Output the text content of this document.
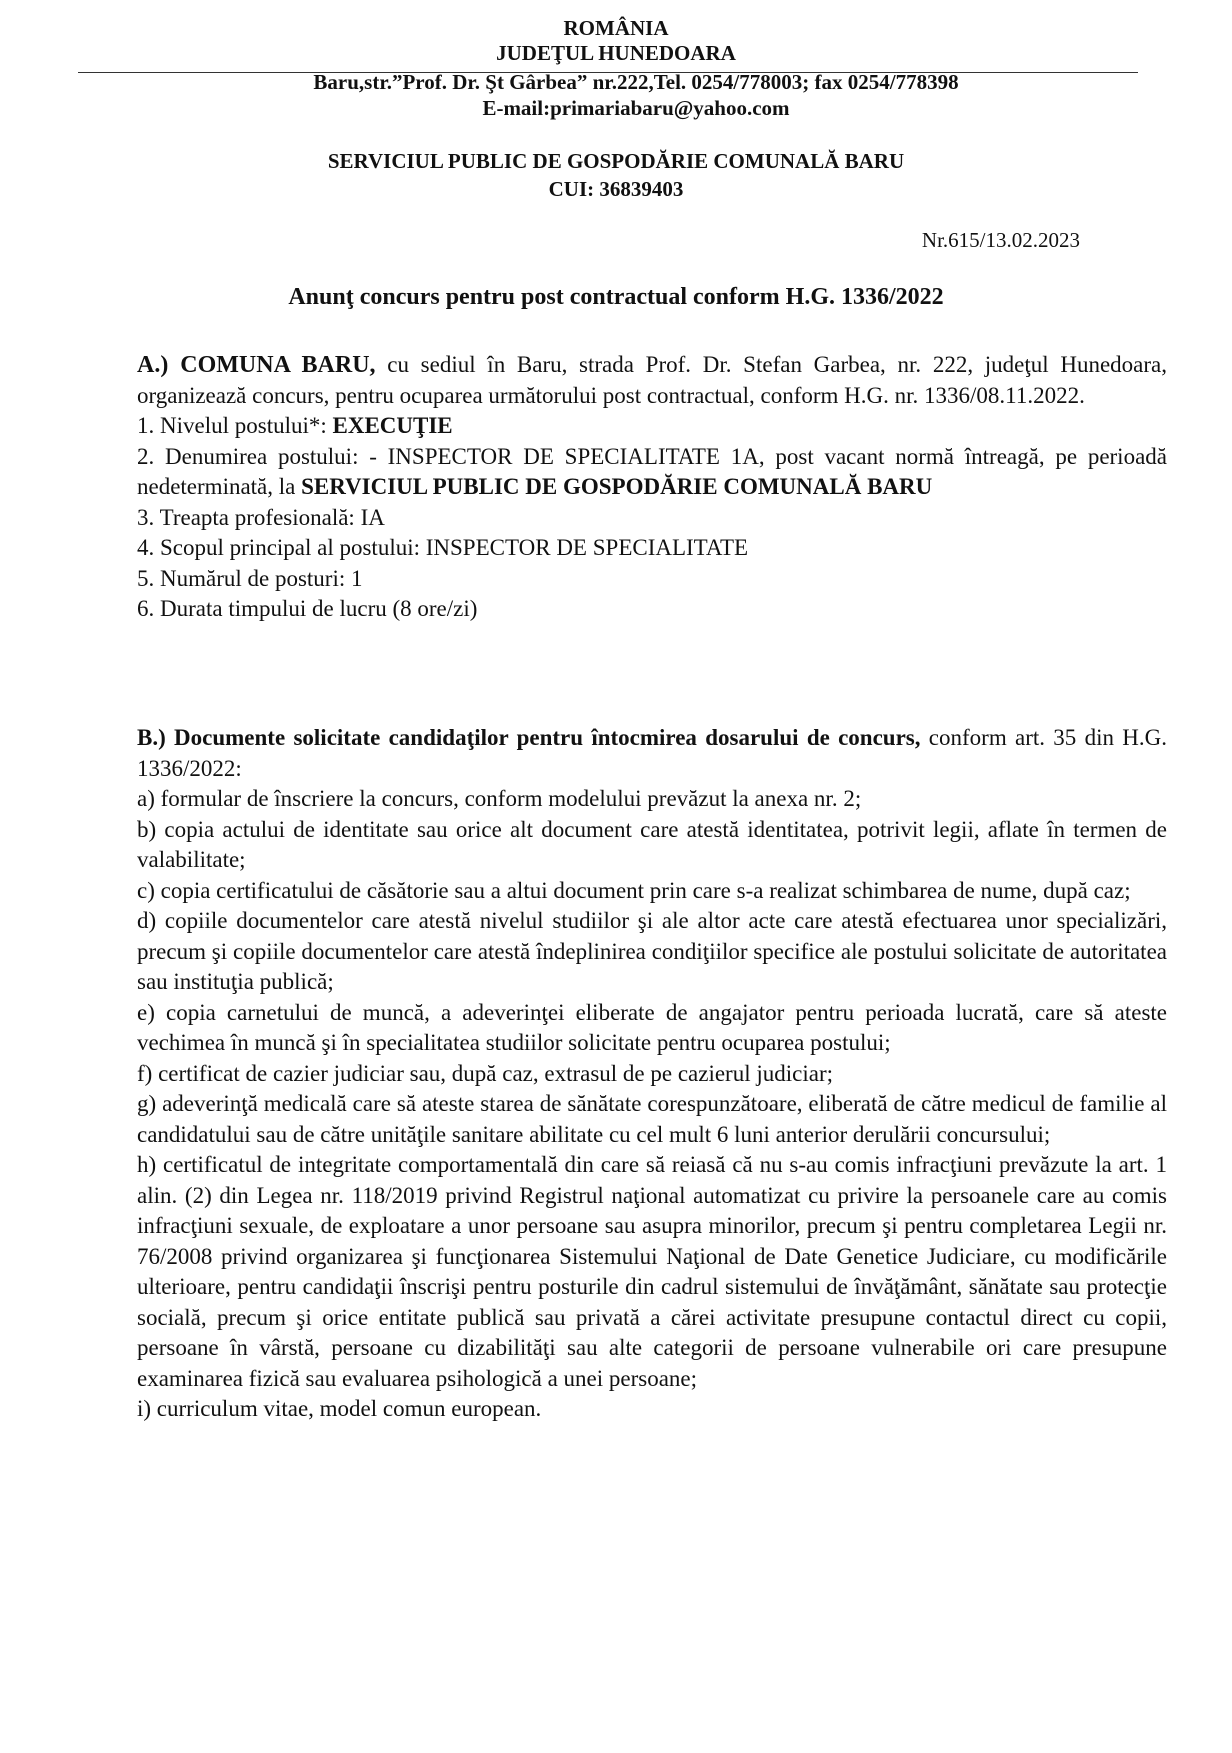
ROMÂNIA
JUDEŢUL HUNEDOARA
Baru,str.”Prof. Dr. Şt Gârbea” nr.222,Tel. 0254/778003; fax 0254/778398
E-mail:primariabaru@yahoo.com
SERVICIUL PUBLIC DE GOSPODĂRIE COMUNALĂ BARU
CUI: 36839403
Nr.615/13.02.2023
Anunţ concurs pentru post contractual conform H.G. 1336/2022

A.) COMUNA BARU, cu sediul în Baru, strada Prof. Dr. Stefan Garbea, nr. 222, judeţul Hunedoara, organizează concurs, pentru ocuparea următorului post contractual, conform H.G. nr. 1336/08.11.2022.

1. Nivelul postului*: EXECUŢIE

2. Denumirea postului: - INSPECTOR DE SPECIALITATE 1A, post vacant normă întreagă, pe perioadă nedeterminată, la SERVICIUL PUBLIC DE GOSPODĂRIE COMUNALĂ BARU

3. Treapta profesională: IA

4. Scopul principal al postului: INSPECTOR DE SPECIALITATE

5. Numărul de posturi: 1

6. Durata timpului de lucru (8 ore/zi)

B.) Documente solicitate candidaţilor pentru întocmirea dosarului de concurs, conform art. 35 din H.G. 1336/2022:

a) formular de înscriere la concurs, conform modelului prevăzut la anexa nr. 2;

b) copia actului de identitate sau orice alt document care atestă identitatea, potrivit legii, aflate în termen de valabilitate;

c) copia certificatului de căsătorie sau a altui document prin care s-a realizat schimbarea de nume, după caz;

d) copiile documentelor care atestă nivelul studiilor şi ale altor acte care atestă efectuarea unor specializări, precum şi copiile documentelor care atestă îndeplinirea condiţiilor specifice ale postului solicitate de autoritatea sau instituţia publică;

e) copia carnetului de muncă, a adeverinţei eliberate de angajator pentru perioada lucrată, care să ateste vechimea în muncă şi în specialitatea studiilor solicitate pentru ocuparea postului;

f) certificat de cazier judiciar sau, după caz, extrasul de pe cazierul judiciar;

g) adeverinţă medicală care să ateste starea de sănătate corespunzătoare, eliberată de către medicul de familie al candidatului sau de către unităţile sanitare abilitate cu cel mult 6 luni anterior derulării concursului;

h) certificatul de integritate comportamentală din care să reiasă că nu s-au comis infracţiuni prevăzute la art. 1 alin. (2) din Legea nr. 118/2019 privind Registrul naţional automatizat cu privire la persoanele care au comis infracţiuni sexuale, de exploatare a unor persoane sau asupra minorilor, precum şi pentru completarea Legii nr. 76/2008 privind organizarea şi funcţionarea Sistemului Naţional de Date Genetice Judiciare, cu modificările ulterioare, pentru candidaţii înscrişi pentru posturile din cadrul sistemului de învăţământ, sănătate sau protecţie socială, precum şi orice entitate publică sau privată a cărei activitate presupune contactul direct cu copii, persoane în vârstă, persoane cu dizabilităţi sau alte categorii de persoane vulnerabile ori care presupune examinarea fizică sau evaluarea psihologică a unei persoane;

i) curriculum vitae, model comun european.
